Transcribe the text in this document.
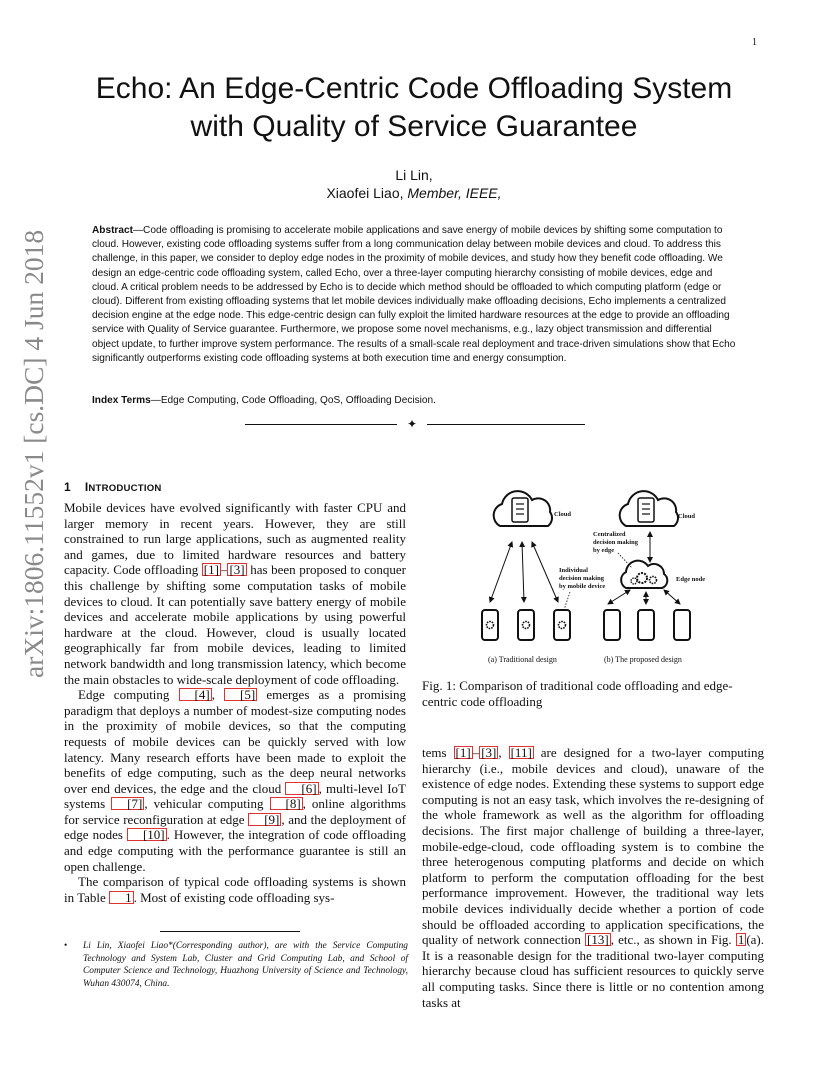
1
Echo: An Edge-Centric Code Offloading System
with Quality of Service Guarantee
Li Lin,
Xiaofei Liao, Member, IEEE,
Abstract—Code offloading is promising to accelerate mobile applications and save energy of mobile devices by shifting some computation to cloud. However, existing code offloading systems suffer from a long communication delay between mobile devices and cloud. To address this challenge, in this paper, we consider to deploy edge nodes in the proximity of mobile devices, and study how they benefit code offloading. We design an edge-centric code offloading system, called Echo, over a three-layer computing hierarchy consisting of mobile devices, edge and cloud. A critical problem needs to be addressed by Echo is to decide which method should be offloaded to which computing platform (edge or cloud). Different from existing offloading systems that let mobile devices individually make offloading decisions, Echo implements a centralized decision engine at the edge node. This edge-centric design can fully exploit the limited hardware resources at the edge to provide an offloading service with Quality of Service guarantee. Furthermore, we propose some novel mechanisms, e.g., lazy object transmission and differential object update, to further improve system performance. The results of a small-scale real deployment and trace-driven simulations show that Echo significantly outperforms existing code offloading systems at both execution time and energy consumption.
Index Terms—Edge Computing, Code Offloading, QoS, Offloading Decision.
✦
arXiv:1806.11552v1 [cs.DC] 4 Jun 2018 1 INTRODUCTION

Mobile devices have evolved significantly with faster CPU and larger memory in recent years. However, they are still constrained to run large applications, such as augmented reality and games, due to limited hardware resources and battery capacity. Code offloading [1] – [3] has been proposed to conquer this challenge by shifting some computation tasks of mobile devices to cloud. It can potentially save battery energy of mobile devices and accelerate mobile applications by using powerful hardware at the cloud. However, cloud is usually located geographically far from mobile devices, leading to limited network bandwidth and long transmission latency, which become the main obstacles to wide-scale deployment of code offloading.

Edge computing [4] , [5] emerges as a promising paradigm that deploys a number of modest-size computing nodes in the proximity of mobile devices, so that the computing requests of mobile devices can be quickly served with low latency. Many research efforts have been made to exploit the benefits of edge computing, such as the deep neural networks over end devices, the edge and the cloud [6] , multi-level IoT systems [7] , vehicular computing [8] , online algorithms for service reconfiguration at edge [9] , and the deployment of edge nodes [10] . However, the integration of code offloading and edge computing with the performance guarantee is still an open challenge.

The comparison of typical code offloading systems is shown in Table 1 . Most of existing code offloading sys-

• Li Lin, Xiaofei Liao*(Corresponding author), are with the Service Computing Technology and System Lab, Cluster and Grid Computing Lab, and School of Computer Science and Technology, Huazhong University of Science and Technology, Wuhan 430074, China.
Cloud	Cloud
Individual
decision making
by mobile device
Centralized
decision making
by edge
Edge node
(a) Traditional design	(b) The proposed design
Fig. 1: Comparison of traditional code offloading and edge-centric code offloading

tems [1] – [3] , [11] are designed for a two-layer computing hierarchy (i.e., mobile devices and cloud), unaware of the existence of edge nodes. Extending these systems to support edge computing is not an easy task, which involves the re-designing of the whole framework as well as the algorithm for offloading decisions. The first major challenge of building a three-layer, mobile-edge-cloud, code offloading system is to combine the three heterogenous computing platforms and decide on which platform to perform the computation offloading for the best performance improvement. However, the traditional way lets mobile devices individually decide whether a portion of code should be offloaded according to application specifications, the quality of network connection [13] , etc., as shown in Fig. 1 (a). It is a reasonable design for the traditional two-layer computing hierarchy because cloud has sufficient resources to quickly serve all computing tasks. Since there is little or no contention among tasks at
